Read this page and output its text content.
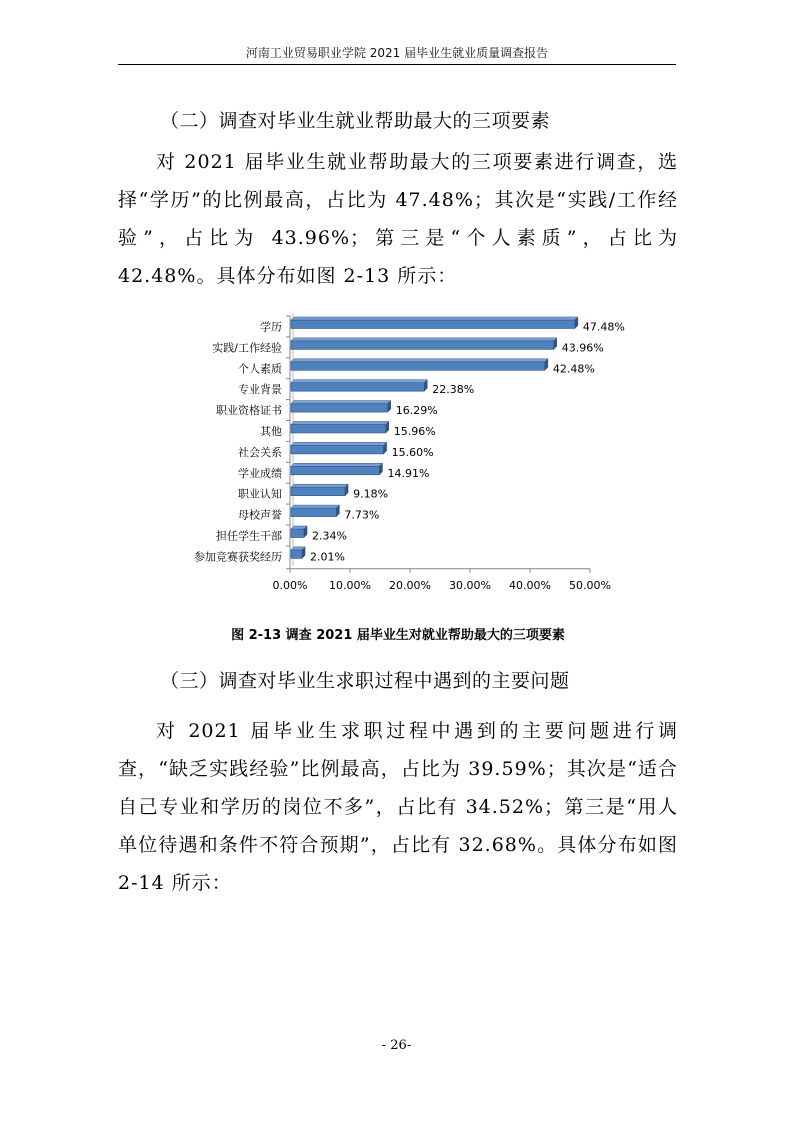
河南工业贸易职业学院 2021 届毕业生就业质量调查报告
（二）调查对毕业生就业帮助最大的三项要素
对 2021 届毕业生就业帮助最大的三项要素进行调查，选择“学历”的比例最高，占比为 47.48%；其次是“实践/工作经验”，占比为 43.96%；第三是“个人素质”，占比为 42.48%。具体分布如图 2-13 所示：
47.48%
学历
43.96%
实践/工作经验
42.48%
个人素质
22.38%
专业背景
16.29%
职业资格证书
15.96%
其他
15.60%
社会关系
14.91%
学业成绩
9.18%
职业认知
7.73%
母校声誉
2.34%
担任学生干部
2.01%
参加竞赛获奖经历
0.00% 10.00% 20.00% 30.00% 40.00% 50.00%
图 2-13 调查 2021 届毕业生对就业帮助最大的三项要素
（三）调查对毕业生求职过程中遇到的主要问题
对 2021 届毕业生求职过程中遇到的主要问题进行调查，“缺乏实践经验”比例最高，占比为 39.59%；其次是“适合自己专业和学历的岗位不多”，占比有 34.52%；第三是“用人单位待遇和条件不符合预期”，占比有 32.68%。具体分布如图 2-14 所示：
- 26-
